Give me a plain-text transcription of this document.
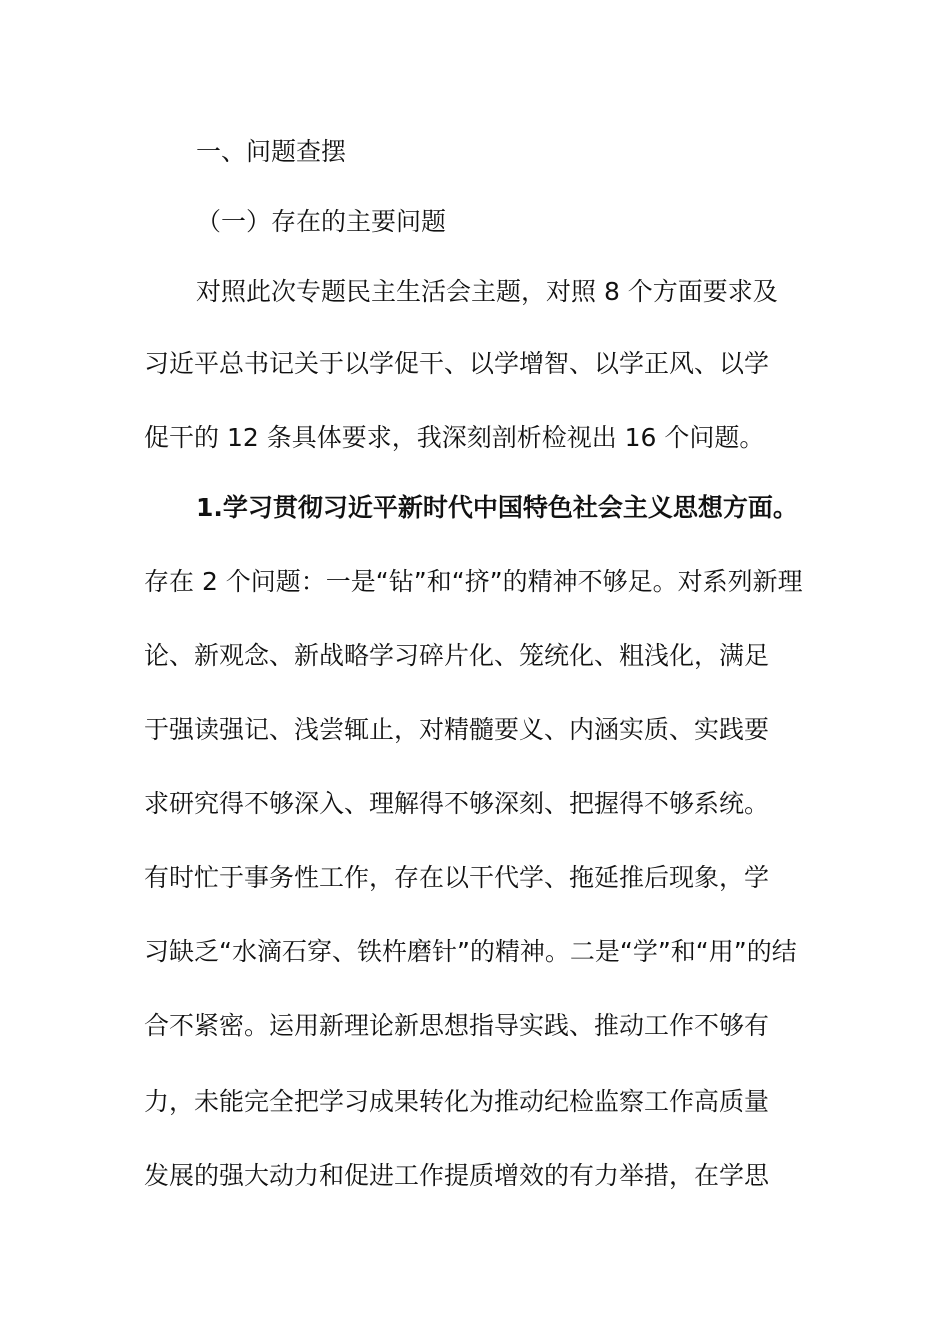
一、问题查摆
（一）存在的主要问题
对照此次专题民主生活会主题，对照 8 个方面要求及
习近平总书记关于以学促干、以学增智、以学正风、以学
促干的 12 条具体要求，我深刻剖析检视出 16 个问题。
1.学习贯彻习近平新时代中国特色社会主义思想方面。
存在 2 个问题：一是“钻”和“挤”的精神不够足。对系列新理
论、新观念、新战略学习碎片化、笼统化、粗浅化，满足
于强读强记、浅尝辄止，对精髓要义、内涵实质、实践要
求研究得不够深入、理解得不够深刻、把握得不够系统。
有时忙于事务性工作，存在以干代学、拖延推后现象，学
习缺乏“水滴石穿、铁杵磨针”的精神。二是“学”和“用”的结
合不紧密。运用新理论新思想指导实践、推动工作不够有
力，未能完全把学习成果转化为推动纪检监察工作高质量
发展的强大动力和促进工作提质增效的有力举措，在学思
